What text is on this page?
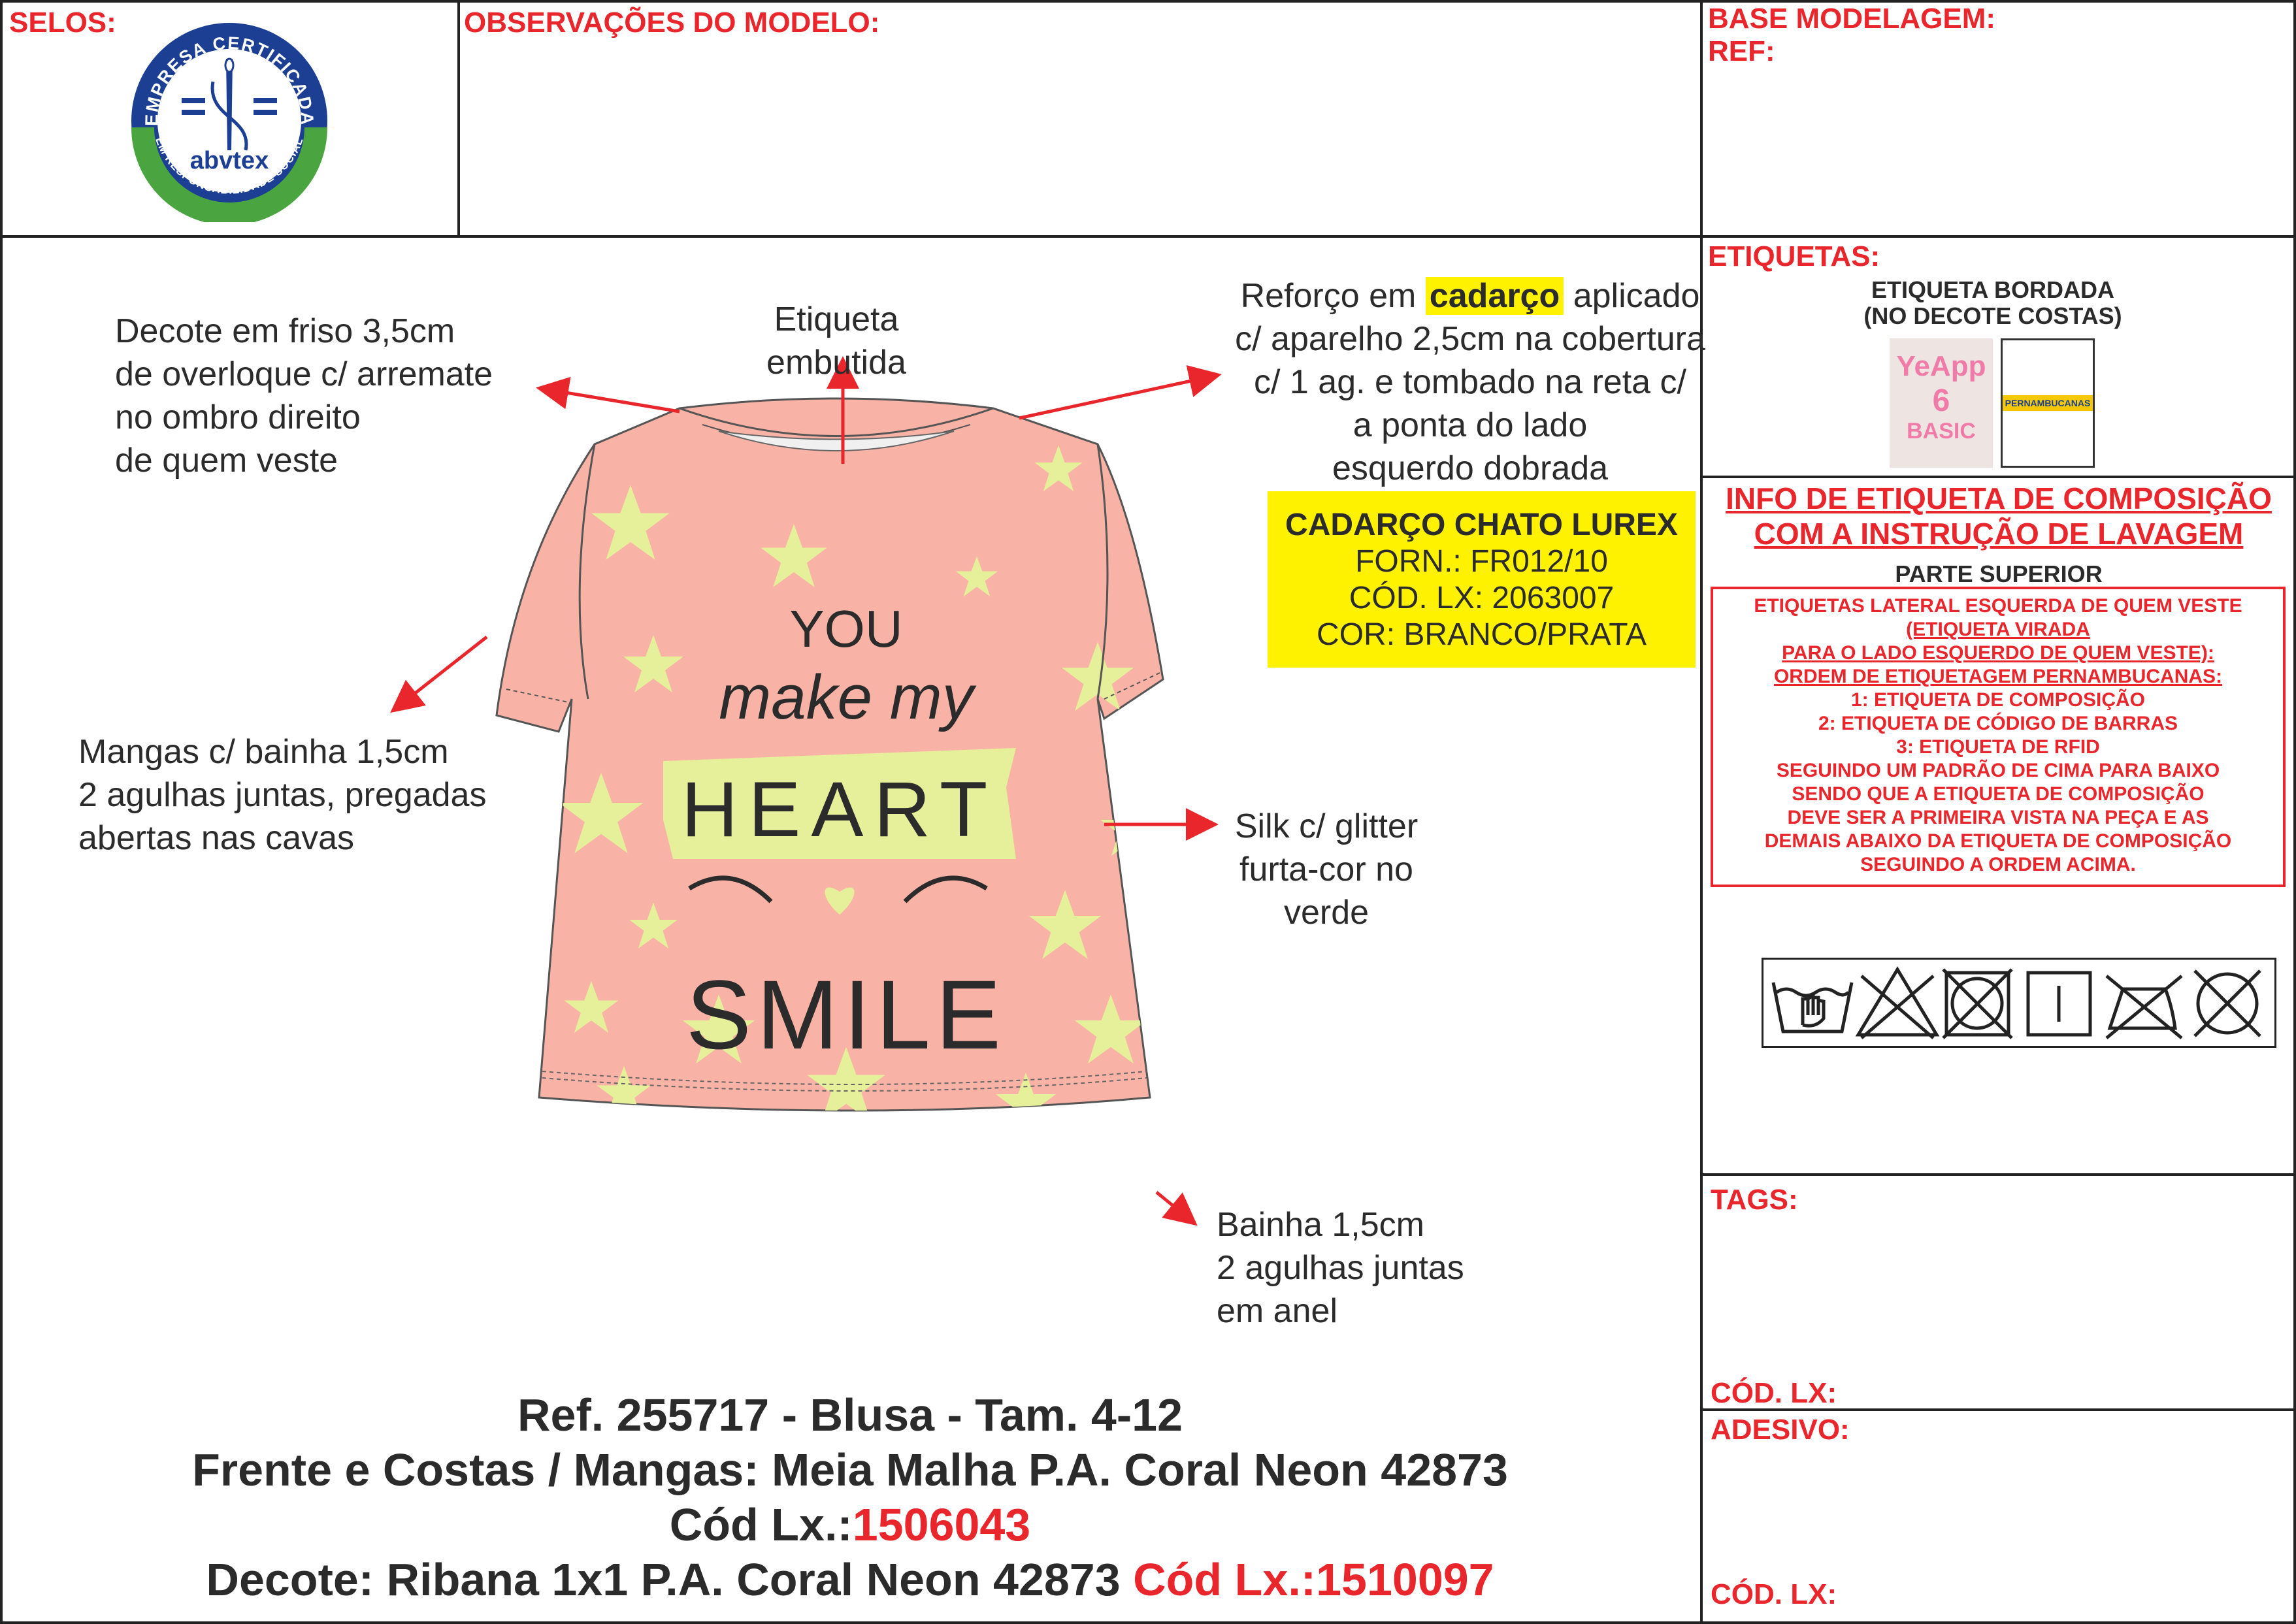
SELOS:	OBSERVAÇÕES DO MODELO:	BASE MODELAGEM:
REF:
EMPRESA CERTIFICADA
EM RESPONSABILIDADE SOCIAL
abvtex
YOU
make my
HEART
SMILE
Decote em friso 3,5cm
de overloque c/ arremate
no ombro direito
de quem veste
Etiqueta
embutida
Reforço em cadarço aplicado
c/ aparelho 2,5cm na cobertura
c/ 1 ag. e tombado na reta c/
a ponta do lado
esquerdo dobrada
CADARÇO CHATO LUREX
FORN.: FR012/10
CÓD. LX: 2063007
COR: BRANCO/PRATA
Mangas c/ bainha 1,5cm
2 agulhas juntas, pregadas
abertas nas cavas	Silk c/ glitter
furta-cor no
verde
Bainha 1,5cm
2 agulhas juntas
em anel
Ref. 255717 - Blusa - Tam. 4-12
Frente e Costas / Mangas: Meia Malha P.A. Coral Neon 42873
Cód Lx.:1506043
Decote: Ribana 1x1 P.A. Coral Neon 42873 Cód Lx.:1510097
ETIQUETAS:
ETIQUETA BORDADA
(NO DECOTE COSTAS)
YeApp
6
BASIC
PERNAMBUCANAS
INFO DE ETIQUETA DE COMPOSIÇÃO
COM A INSTRUÇÃO DE LAVAGEM
PARTE SUPERIOR
ETIQUETAS LATERAL ESQUERDA DE QUEM VESTE
(ETIQUETA VIRADA
PARA O LADO ESQUERDO DE QUEM VESTE):
ORDEM DE ETIQUETAGEM PERNAMBUCANAS:
1: ETIQUETA DE COMPOSIÇÃO
2: ETIQUETA DE CÓDIGO DE BARRAS
3: ETIQUETA DE RFID
SEGUINDO UM PADRÃO DE CIMA PARA BAIXO
SENDO QUE A ETIQUETA DE COMPOSIÇÃO
DEVE SER A PRIMEIRA VISTA NA PEÇA E AS
DEMAIS ABAIXO DA ETIQUETA DE COMPOSIÇÃO
SEGUINDO A ORDEM ACIMA.
TAGS:
CÓD. LX:
ADESIVO:
CÓD. LX:
